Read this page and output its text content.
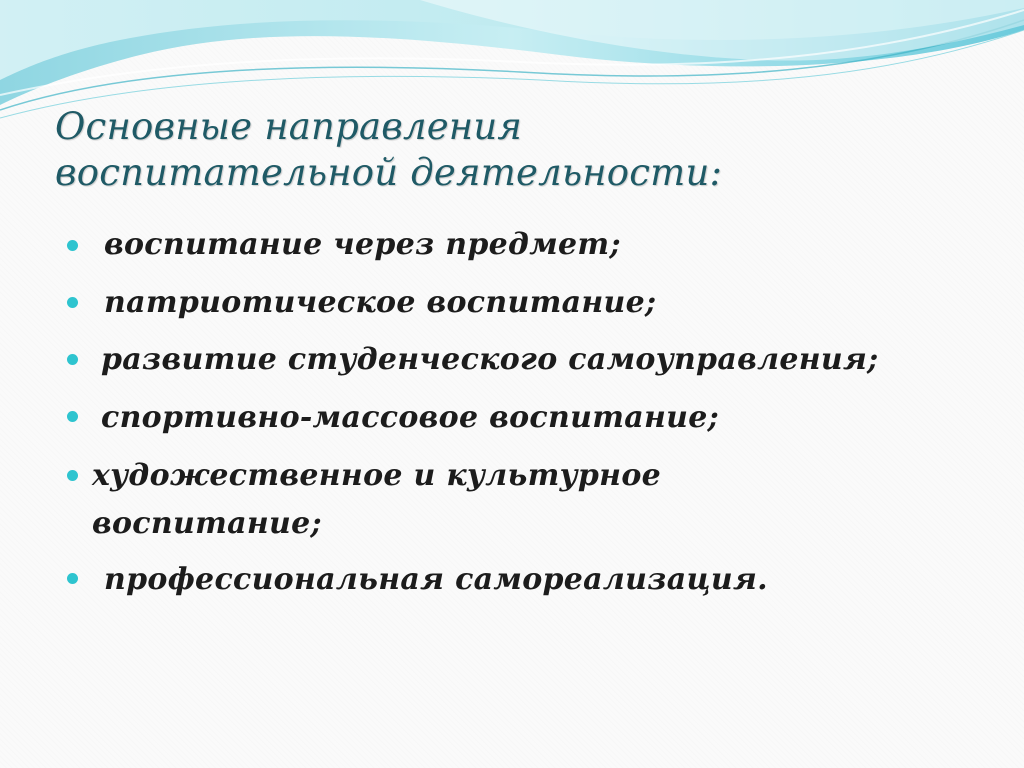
Основные направления
воспитательной деятельности:
воспитание через предмет;
патриотическое воспитание;
развитие студенческого самоуправления;
спортивно-массовое воспитание;
художественное и культурное
воспитание;
профессиональная самореализация.
